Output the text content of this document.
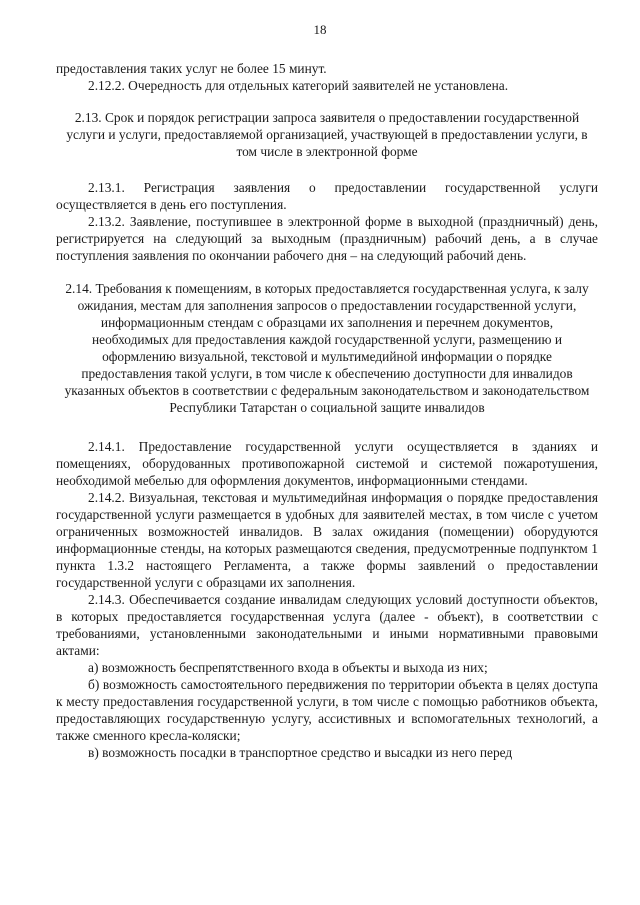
18

предоставления таких услуг не более 15 минут.

2.12.2. Очередность для отдельных категорий заявителей не установлена.

2.13. Срок и порядок регистрации запроса заявителя о предоставлении государственной услуги и услуги, предоставляемой организацией, участвующей в предоставлении услуги, в том числе в электронной форме

2.13.1. Регистрация заявления о предоставлении государственной услуги осуществляется в день его поступления.

2.13.2. Заявление, поступившее в электронной форме в выходной (праздничный) день, регистрируется на следующий за выходным (праздничным) рабочий день, а в случае поступления заявления по окончании рабочего дня – на следующий рабочий день.

2.14. Требования к помещениям, в которых предоставляется государственная услуга, к залу ожидания, местам для заполнения запросов о предоставлении государственной услуги, информационным стендам с образцами их заполнения и перечнем документов, необходимых для предоставления каждой государственной услуги, размещению и оформлению визуальной, текстовой и мультимедийной информации о порядке предоставления такой услуги, в том числе к обеспечению доступности для инвалидов указанных объектов в соответствии с федеральным законодательством и законодательством Республики Татарстан о социальной защите инвалидов

2.14.1. Предоставление государственной услуги осуществляется в зданиях и помещениях, оборудованных противопожарной системой и системой пожаротушения, необходимой мебелью для оформления документов, информационными стендами.

2.14.2. Визуальная, текстовая и мультимедийная информация о порядке предоставления государственной услуги размещается в удобных для заявителей местах, в том числе с учетом ограниченных возможностей инвалидов. В залах ожидания (помещении) оборудуются информационные стенды, на которых размещаются сведения, предусмотренные подпунктом 1 пункта 1.3.2 настоящего Регламента, а также формы заявлений о предоставлении государственной услуги с образцами их заполнения.

2.14.3. Обеспечивается создание инвалидам следующих условий доступности объектов, в которых предоставляется государственная услуга (далее - объект), в соответствии с требованиями, установленными законодательными и иными нормативными правовыми актами:

а) возможность беспрепятственного входа в объекты и выхода из них;

б) возможность самостоятельного передвижения по территории объекта в целях доступа к месту предоставления государственной услуги, в том числе с помощью работников объекта, предоставляющих государственную услугу, ассистивных и вспомогательных технологий, а также сменного кресла-коляски;

в) возможность посадки в транспортное средство и высадки из него перед
